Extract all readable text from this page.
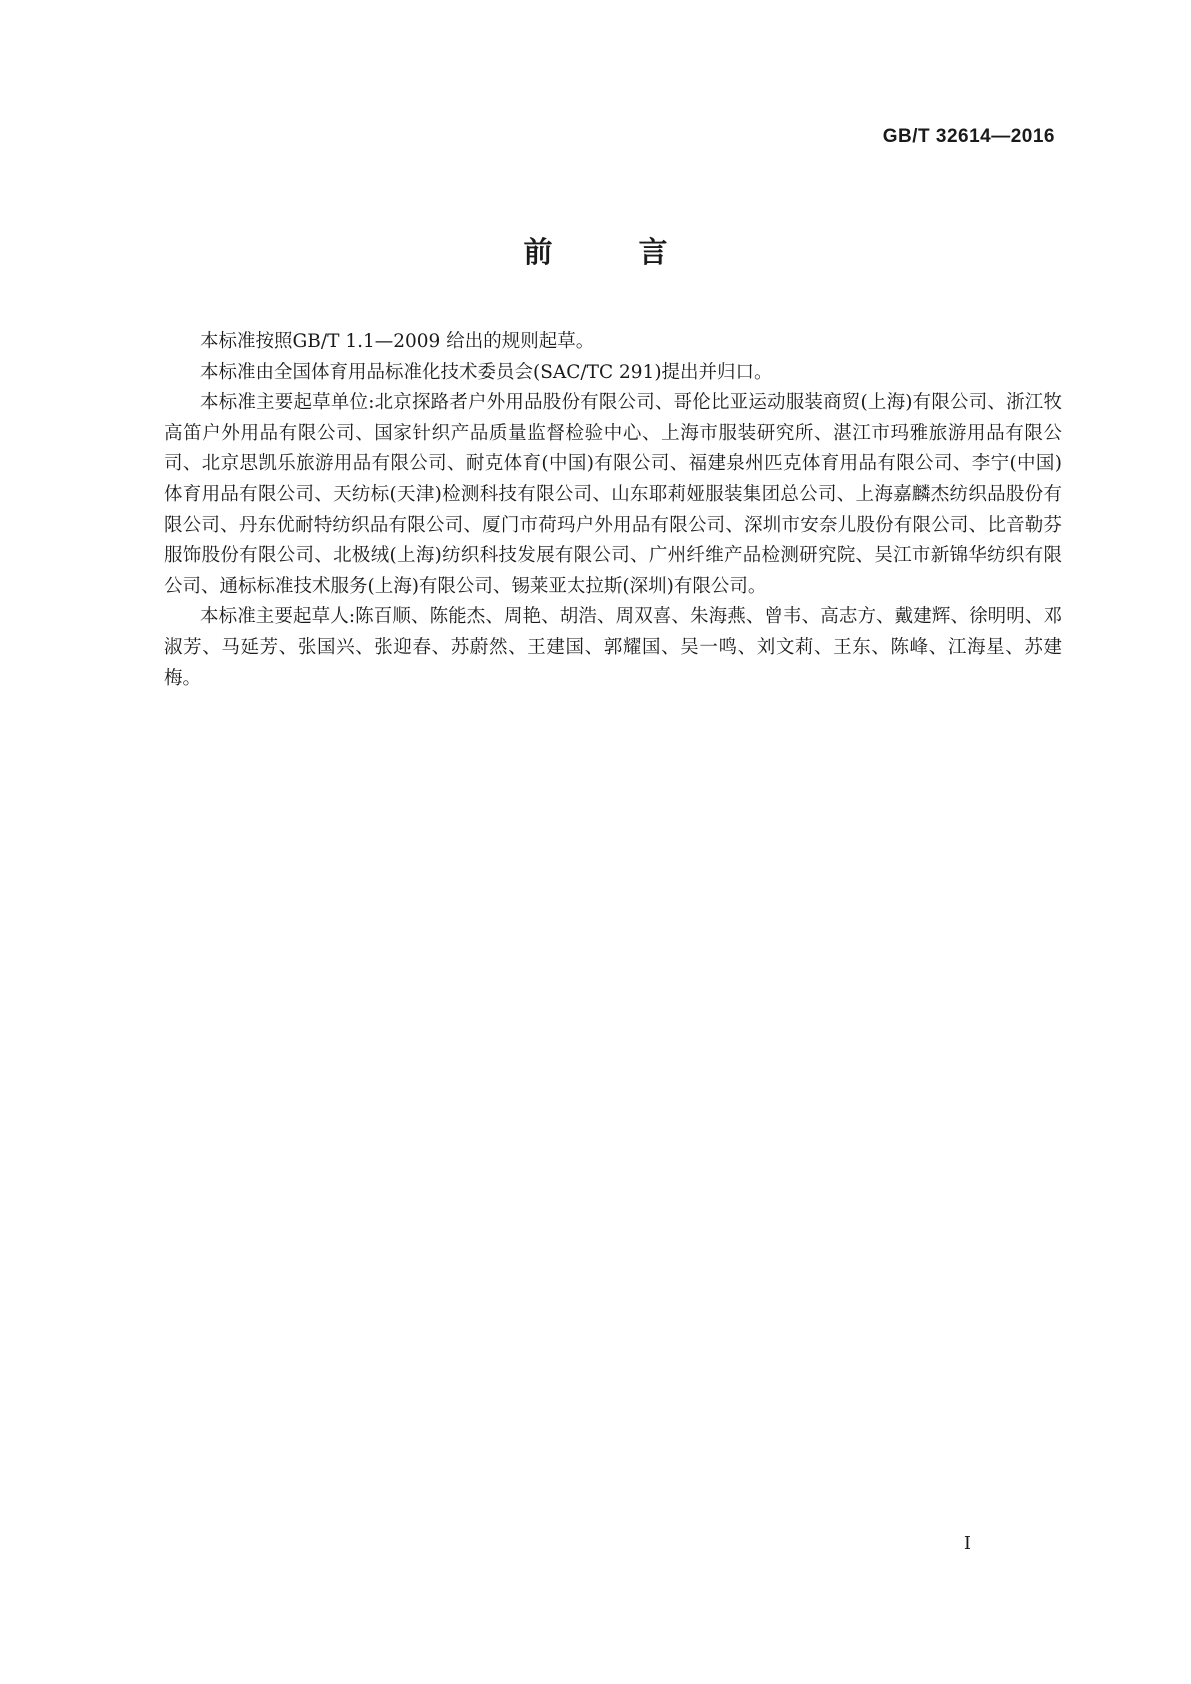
GB/T 32614—2016
前 言

本标准按照GB/T 1.1—2009 给出的规则起草。

本标准由全国体育用品标准化技术委员会(SAC/TC 291)提出并归口。

本标准主要起草单位:北京探路者户外用品股份有限公司、哥伦比亚运动服装商贸(上海)有限公司、浙江牧高笛户外用品有限公司、国家针织产品质量监督检验中心、上海市服装研究所、湛江市玛雅旅游用品有限公司、北京思凯乐旅游用品有限公司、耐克体育(中国)有限公司、福建泉州匹克体育用品有限公司、李宁(中国)体育用品有限公司、天纺标(天津)检测科技有限公司、山东耶莉娅服装集团总公司、上海嘉麟杰纺织品股份有限公司、丹东优耐特纺织品有限公司、厦门市荷玛户外用品有限公司、深圳市安奈儿股份有限公司、比音勒芬服饰股份有限公司、北极绒(上海)纺织科技发展有限公司、广州纤维产品检测研究院、吴江市新锦华纺织有限公司、通标标准技术服务(上海)有限公司、锡莱亚太拉斯(深圳)有限公司。

本标准主要起草人:陈百顺、陈能杰、周艳、胡浩、周双喜、朱海燕、曾韦、高志方、戴建辉、徐明明、邓淑芳、马延芳、张国兴、张迎春、苏蔚然、王建国、郭耀国、吴一鸣、刘文莉、王东、陈峰、江海星、苏建梅。

I
